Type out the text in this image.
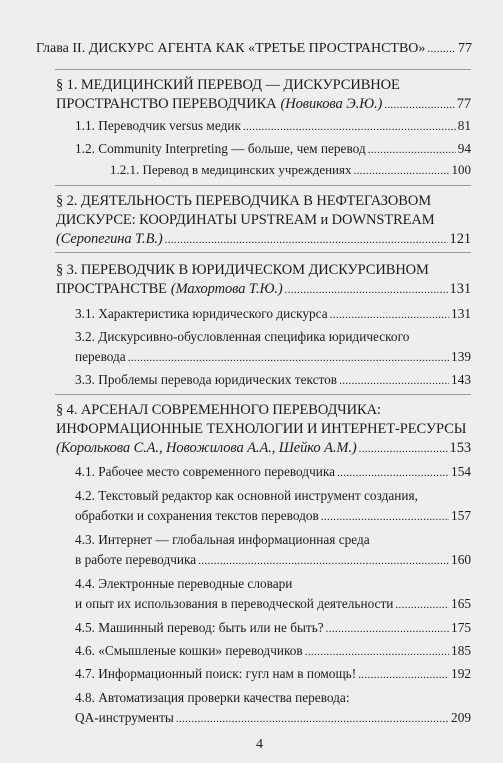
Глава II. ДИСКУРС АГЕНТА КАК «ТРЕТЬЕ ПРОСТРАНСТВО» . . . 77
§ 1. МЕДИЦИНСКИЙ ПЕРЕВОД — ДИСКУРСИВНОЕ
ПРОСТРАНСТВО ПЕРЕВОДЧИКА (Новикова Э.Ю.) . . .	77
1.1. Переводчик versus медик . . .	81
1.2. Community Interpreting — больше, чем перевод . . .	94
1.2.1. Перевод в медицинских учреждениях . . .	100
§ 2. ДЕЯТЕЛЬНОСТЬ ПЕРЕВОДЧИКА В НЕФТЕГАЗОВОМ
ДИСКУРСЕ: КООРДИНАТЫ UPSTREAM и DOWNSTREAM
(Серопегина Т.В.) . . .	121
§ 3. ПЕРЕВОДЧИК В ЮРИДИЧЕСКОМ ДИСКУРСИВНОМ
ПРОСТРАНСТВЕ (Махортова Т.Ю.) . . .	131
3.1. Характеристика юридического дискурса . . .	131
3.2. Дискурсивно-обусловленная специфика юридического
перевода . . .	139
3.3. Проблемы перевода юридических текстов . . .	143
§ 4. АРСЕНАЛ СОВРЕМЕННОГО ПЕРЕВОДЧИКА:
ИНФОРМАЦИОННЫЕ ТЕХНОЛОГИИ И ИНТЕРНЕТ-РЕСУРСЫ
(Королькова С.А., Новожилова А.А., Шейко А.М.) . . .	153
4.1. Рабочее место современного переводчика . . .	154
4.2. Текстовый редактор как основной инструмент создания,
обработки и сохранения текстов переводов . . .	157
4.3. Интернет — глобальная информационная среда
в работе переводчика . . .	160
4.4. Электронные переводные словари
и опыт их использования в переводческой деятельности . . .	165
4.5. Машинный перевод: быть или не быть? . . .	175
4.6. «Смышленые кошки» переводчиков . . .	185
4.7. Информационный поиск: гугл нам в помощь! . . .	192
4.8. Автоматизация проверки качества перевода:
QA-инструменты . . .	209
4
